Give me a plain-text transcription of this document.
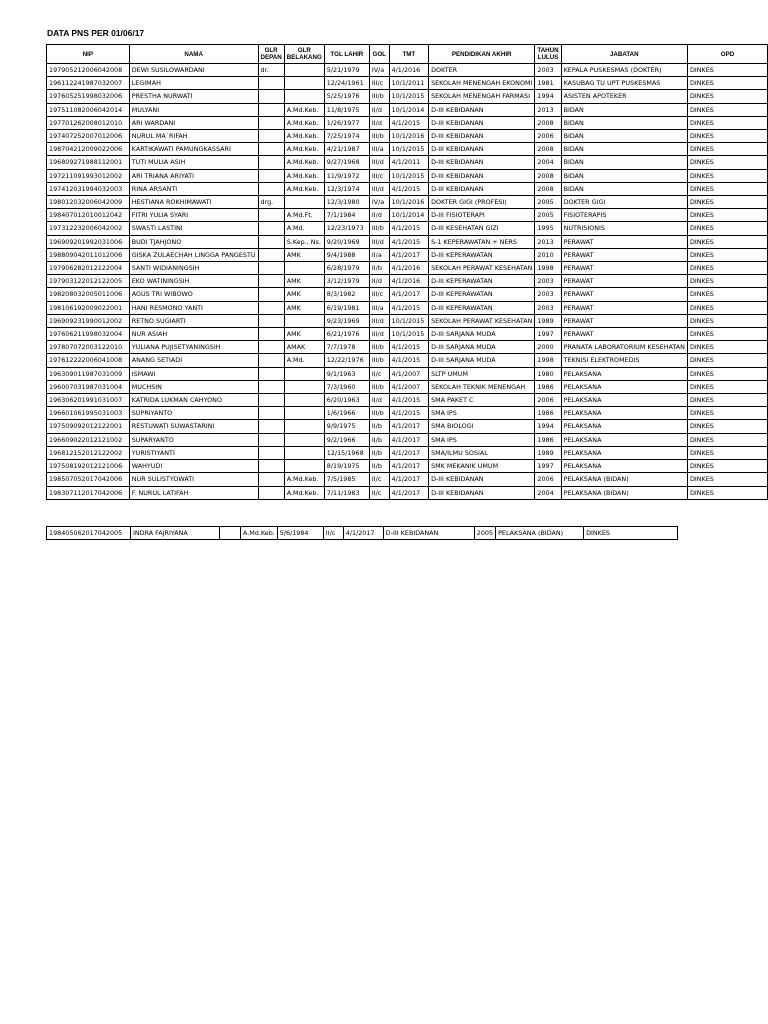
DATA PNS PER 01/06/17
NIP	NAMA	GLR DEPAN	GLR BELAKANG	TGL LAHIR	GOL	TMT	PENDIDIKAN AKHIR	TAHUN LULUS	JABATAN	OPD
197905212006042008	DEWI SUSILOWARDANI	dr.		5/21/1979	IV/a	4/1/2016	DOKTER	2003	KEPALA PUSKESMAS (DOKTER)	DINKES
196112241987032007	LEGIMAH			12/24/1961	III/c	10/1/2011	SEKOLAH MENENGAH EKONOMI	1981	KASUBAG TU UPT PUSKESMAS	DINKES
197605251998032006	PRESTHA NURWATI			5/25/1976	III/b	10/1/2015	SEKOLAH MENENGAH FARMASI	1994	ASISTEN APOTEKER	DINKES
197511082006042014	MULYANI		A.Md.Keb.	11/8/1975	II/d	10/1/2014	D-III KEBIDANAN	2013	BIDAN	DINKES
197701262008012010	ARI WARDANI		A.Md.Keb.	1/26/1977	II/d	4/1/2015	D-III KEBIDANAN	2008	BIDAN	DINKES
197407252007012006	NURUL MA`RIFAH		A.Md.Keb.	7/25/1974	III/b	10/1/2016	D-III KEBIDANAN	2006	BIDAN	DINKES
198704212009022006	KARTIKAWATI PAMUNGKASSARI		A.Md.Keb.	4/21/1987	III/a	10/1/2015	D-III KEBIDANAN	2008	BIDAN	DINKES
196809271988112001	TUTI MULIA ASIH		A.Md.Keb.	9/27/1968	III/d	4/1/2011	D-III KEBIDANAN	2004	BIDAN	DINKES
197211091993012002	ARI TRIANA ARIYATI		A.Md.Keb.	11/9/1972	III/c	10/1/2015	D-III KEBIDANAN	2008	BIDAN	DINKES
197412031994032003	RINA ARSANTI		A.Md.Keb.	12/3/1974	III/d	4/1/2015	D-III KEBIDANAN	2008	BIDAN	DINKES
198012032006042009	HESTIANA ROKHIMAWATI	drg.		12/3/1980	IV/a	10/1/2016	DOKTER GIGI (PROFESI)	2005	DOKTER GIGI	DINKES
198407012010012042	FITRI YULIA SYARI		A.Md.Ft.	7/1/1984	II/d	10/1/2014	D-III FISIOTERAPI	2005	FISIOTERAPIS	DINKES
197312232006042002	SWASTI LASTINI		A.Md.	12/23/1973	III/b	4/1/2015	D-III KESEHATAN GIZI	1995	NUTRISIONIS	DINKES
196909201992031006	BUDI TJAHJONO		S.Kep., Ns.	9/20/1969	III/d	4/1/2015	S-1 KEPERAWATAN + NERS	2013	PERAWAT	DINKES
198809042011012006	GISKA ZULAECHAH LINGGA PANGESTU		AMK	9/4/1988	II/a	4/1/2017	D-III KEPERAWATAN	2010	PERAWAT	DINKES
197906282012122004	SANTI WIDIANINGSIH			6/28/1979	II/b	4/1/2016	SEKOLAH PERAWAT KESEHATAN	1998	PERAWAT	DINKES
197903122012122005	EKO WATININGSIH		AMK	3/12/1979	II/d	4/1/2016	D-III KEPERAWATAN	2003	PERAWAT	DINKES
198208032005011006	AGUS TRI WIBOWO		AMK	8/3/1982	III/c	4/1/2017	D-III KEPERAWATAN	2003	PERAWAT	DINKES
198106192009022001	HANI RESMONO YANTI		AMK	6/19/1981	III/a	4/1/2015	D-III KEPERAWATAN	2003	PERAWAT	DINKES
196909231990012002	RETNO SUGIARTI			9/23/1969	III/d	10/1/2015	SEKOLAH PERAWAT KESEHATAN	1989	PERAWAT	DINKES
197606211998032004	NUR ASIAH		AMK	6/21/1976	III/d	10/1/2015	D-III SARJANA MUDA	1997	PERAWAT	DINKES
197807072003122010	YULIANA PUJISETYANINGSIH		AMAK	7/7/1978	III/b	4/1/2015	D-III SARJANA MUDA	2000	PRANATA LABORATORIUM KESEHATAN	DINKES
197612222006041008	ANANG SETIADI		A.Md.	12/22/1976	III/b	4/1/2015	D-III SARJANA MUDA	1998	TEKNISI ELEKTROMEDIS	DINKES
196309011987031009	ISMAWI			9/1/1963	II/c	4/1/2007	SLTP UMUM	1980	PELAKSANA	DINKES
196007031987031004	MUCHSIN			7/3/1960	III/b	4/1/2007	SEKOLAH TEKNIK MENENGAH	1986	PELAKSANA	DINKES
196306201991031007	KATRIDA LUKMAN CAHYONO			6/20/1963	II/d	4/1/2015	SMA PAKET C	2006	PELAKSANA	DINKES
196601061995031003	SUPRIYANTO			1/6/1966	III/b	4/1/2015	SMA IPS	1986	PELAKSANA	DINKES
197509092012122001	RESTUWATI SUWASTARINI			9/9/1975	II/b	4/1/2017	SMA BIOLOGI	1994	PELAKSANA	DINKES
196609022012121002	SUPARYANTO			9/2/1966	II/b	4/1/2017	SMA IPS	1986	PELAKSANA	DINKES
196812152012122002	YURISTIYANTI			12/15/1968	II/b	4/1/2017	SMA/ILMU SOSIAL	1989	PELAKSANA	DINKES
197508192012121006	WAHYUDI			8/19/1975	II/b	4/1/2017	SMK MEKANIK UMUM	1997	PELAKSANA	DINKES
198507052017042006	NUR SULISTYOWATI		A.Md.Keb.	7/5/1985	II/c	4/1/2017	D-III KEBIDANAN	2006	PELAKSANA (BIDAN)	DINKES
198307112017042006	F. NURUL LATIFAH		A.Md.Keb.	7/11/1983	II/c	4/1/2017	D-III KEBIDANAN	2004	PELAKSANA (BIDAN)	DINKES
198405062017042005	INDRA FAJRIYANA		A.Md.Keb.	5/6/1984	II/c	4/1/2017	D-III KEBIDANAN	2005	PELAKSANA (BIDAN)	DINKES
